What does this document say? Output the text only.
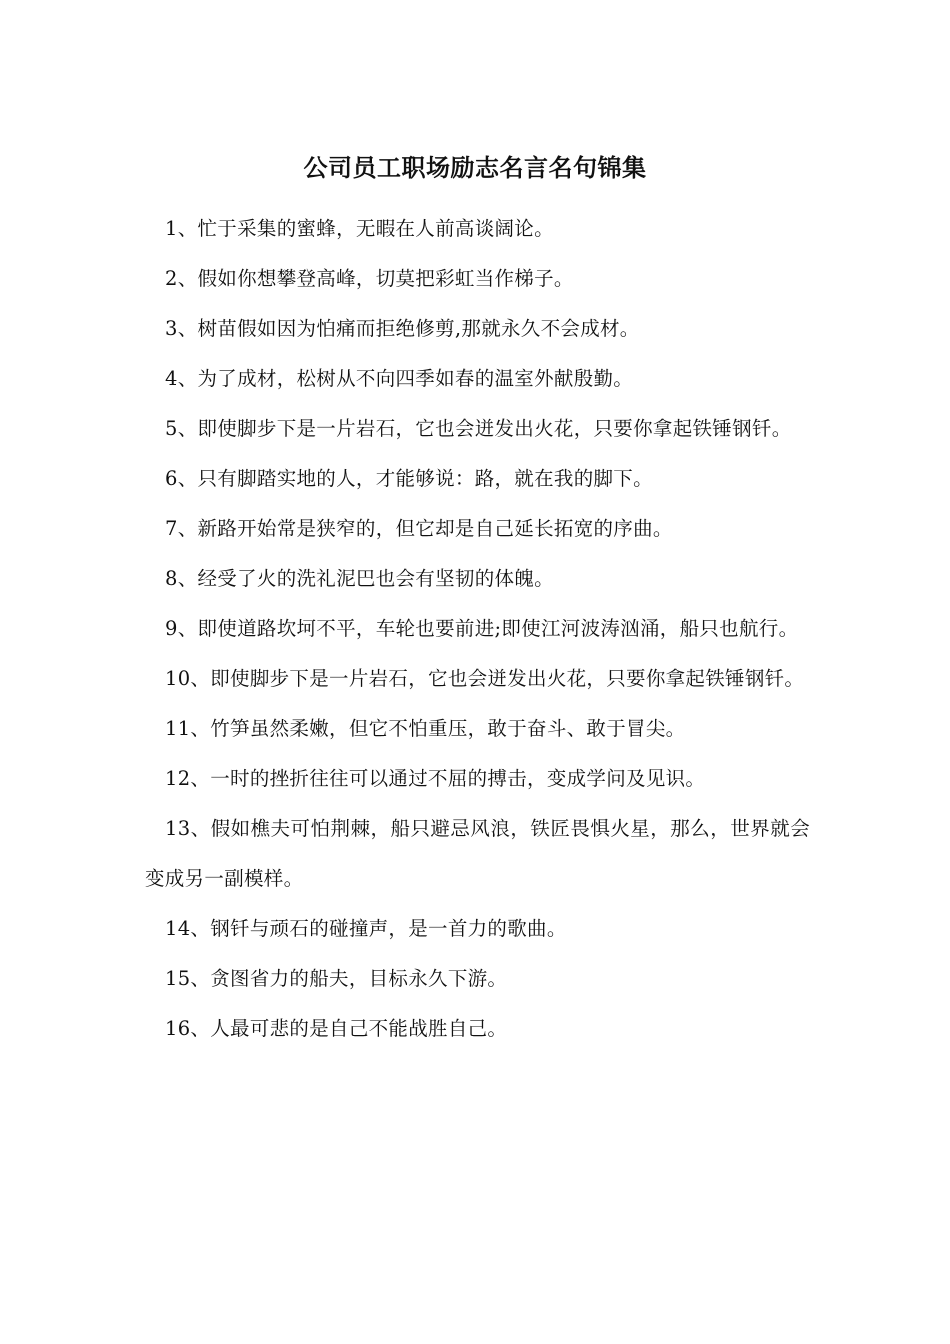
公司员工职场励志名言名句锦集

1、忙于采集的蜜蜂，无暇在人前高谈阔论。

2、假如你想攀登高峰，切莫把彩虹当作梯子。

3、树苗假如因为怕痛而拒绝修剪,那就永久不会成材。

4、为了成材，松树从不向四季如春的温室外献殷勤。

5、即使脚步下是一片岩石，它也会迸发出火花，只要你拿起铁锤钢钎。

6、只有脚踏实地的人，才能够说：路，就在我的脚下。

7、新路开始常是狭窄的，但它却是自己延长拓宽的序曲。

8、经受了火的洗礼泥巴也会有坚韧的体魄。

9、即使道路坎坷不平，车轮也要前进;即使江河波涛汹涌，船只也航行。

10、即使脚步下是一片岩石，它也会迸发出火花，只要你拿起铁锤钢钎。

11、竹笋虽然柔嫩，但它不怕重压，敢于奋斗、敢于冒尖。

12、一时的挫折往往可以通过不屈的搏击，变成学问及见识。

13、假如樵夫可怕荆棘，船只避忌风浪，铁匠畏惧火星，那么，世界就会变成另一副模样。

14、钢钎与顽石的碰撞声，是一首力的歌曲。

15、贪图省力的船夫，目标永久下游。

16、人最可悲的是自己不能战胜自己。
